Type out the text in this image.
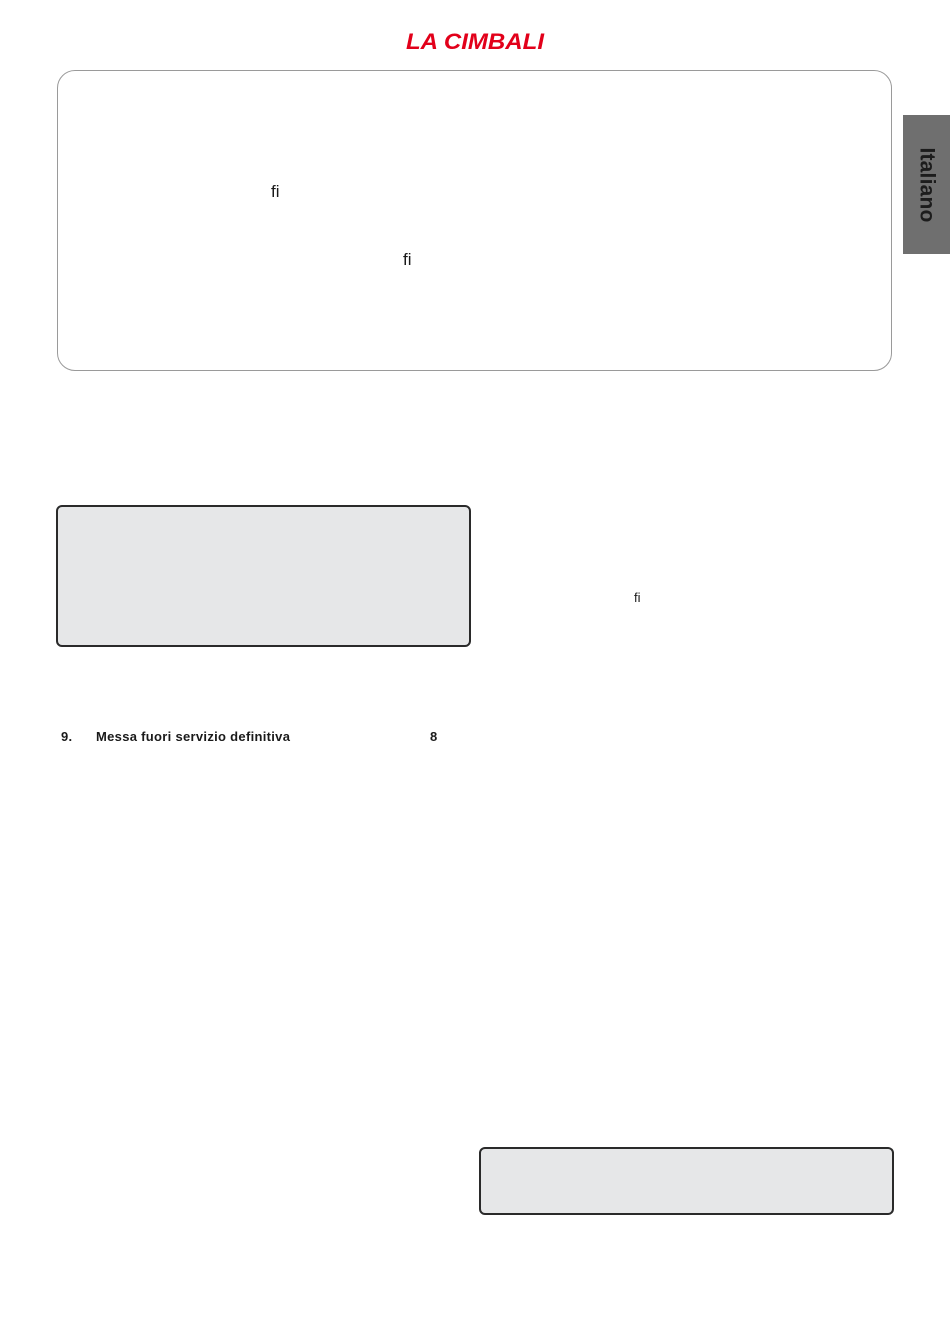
LA CIMBALI
fi
fi
Italiano
fi
9. Messa fuori servizio definitiva	8
